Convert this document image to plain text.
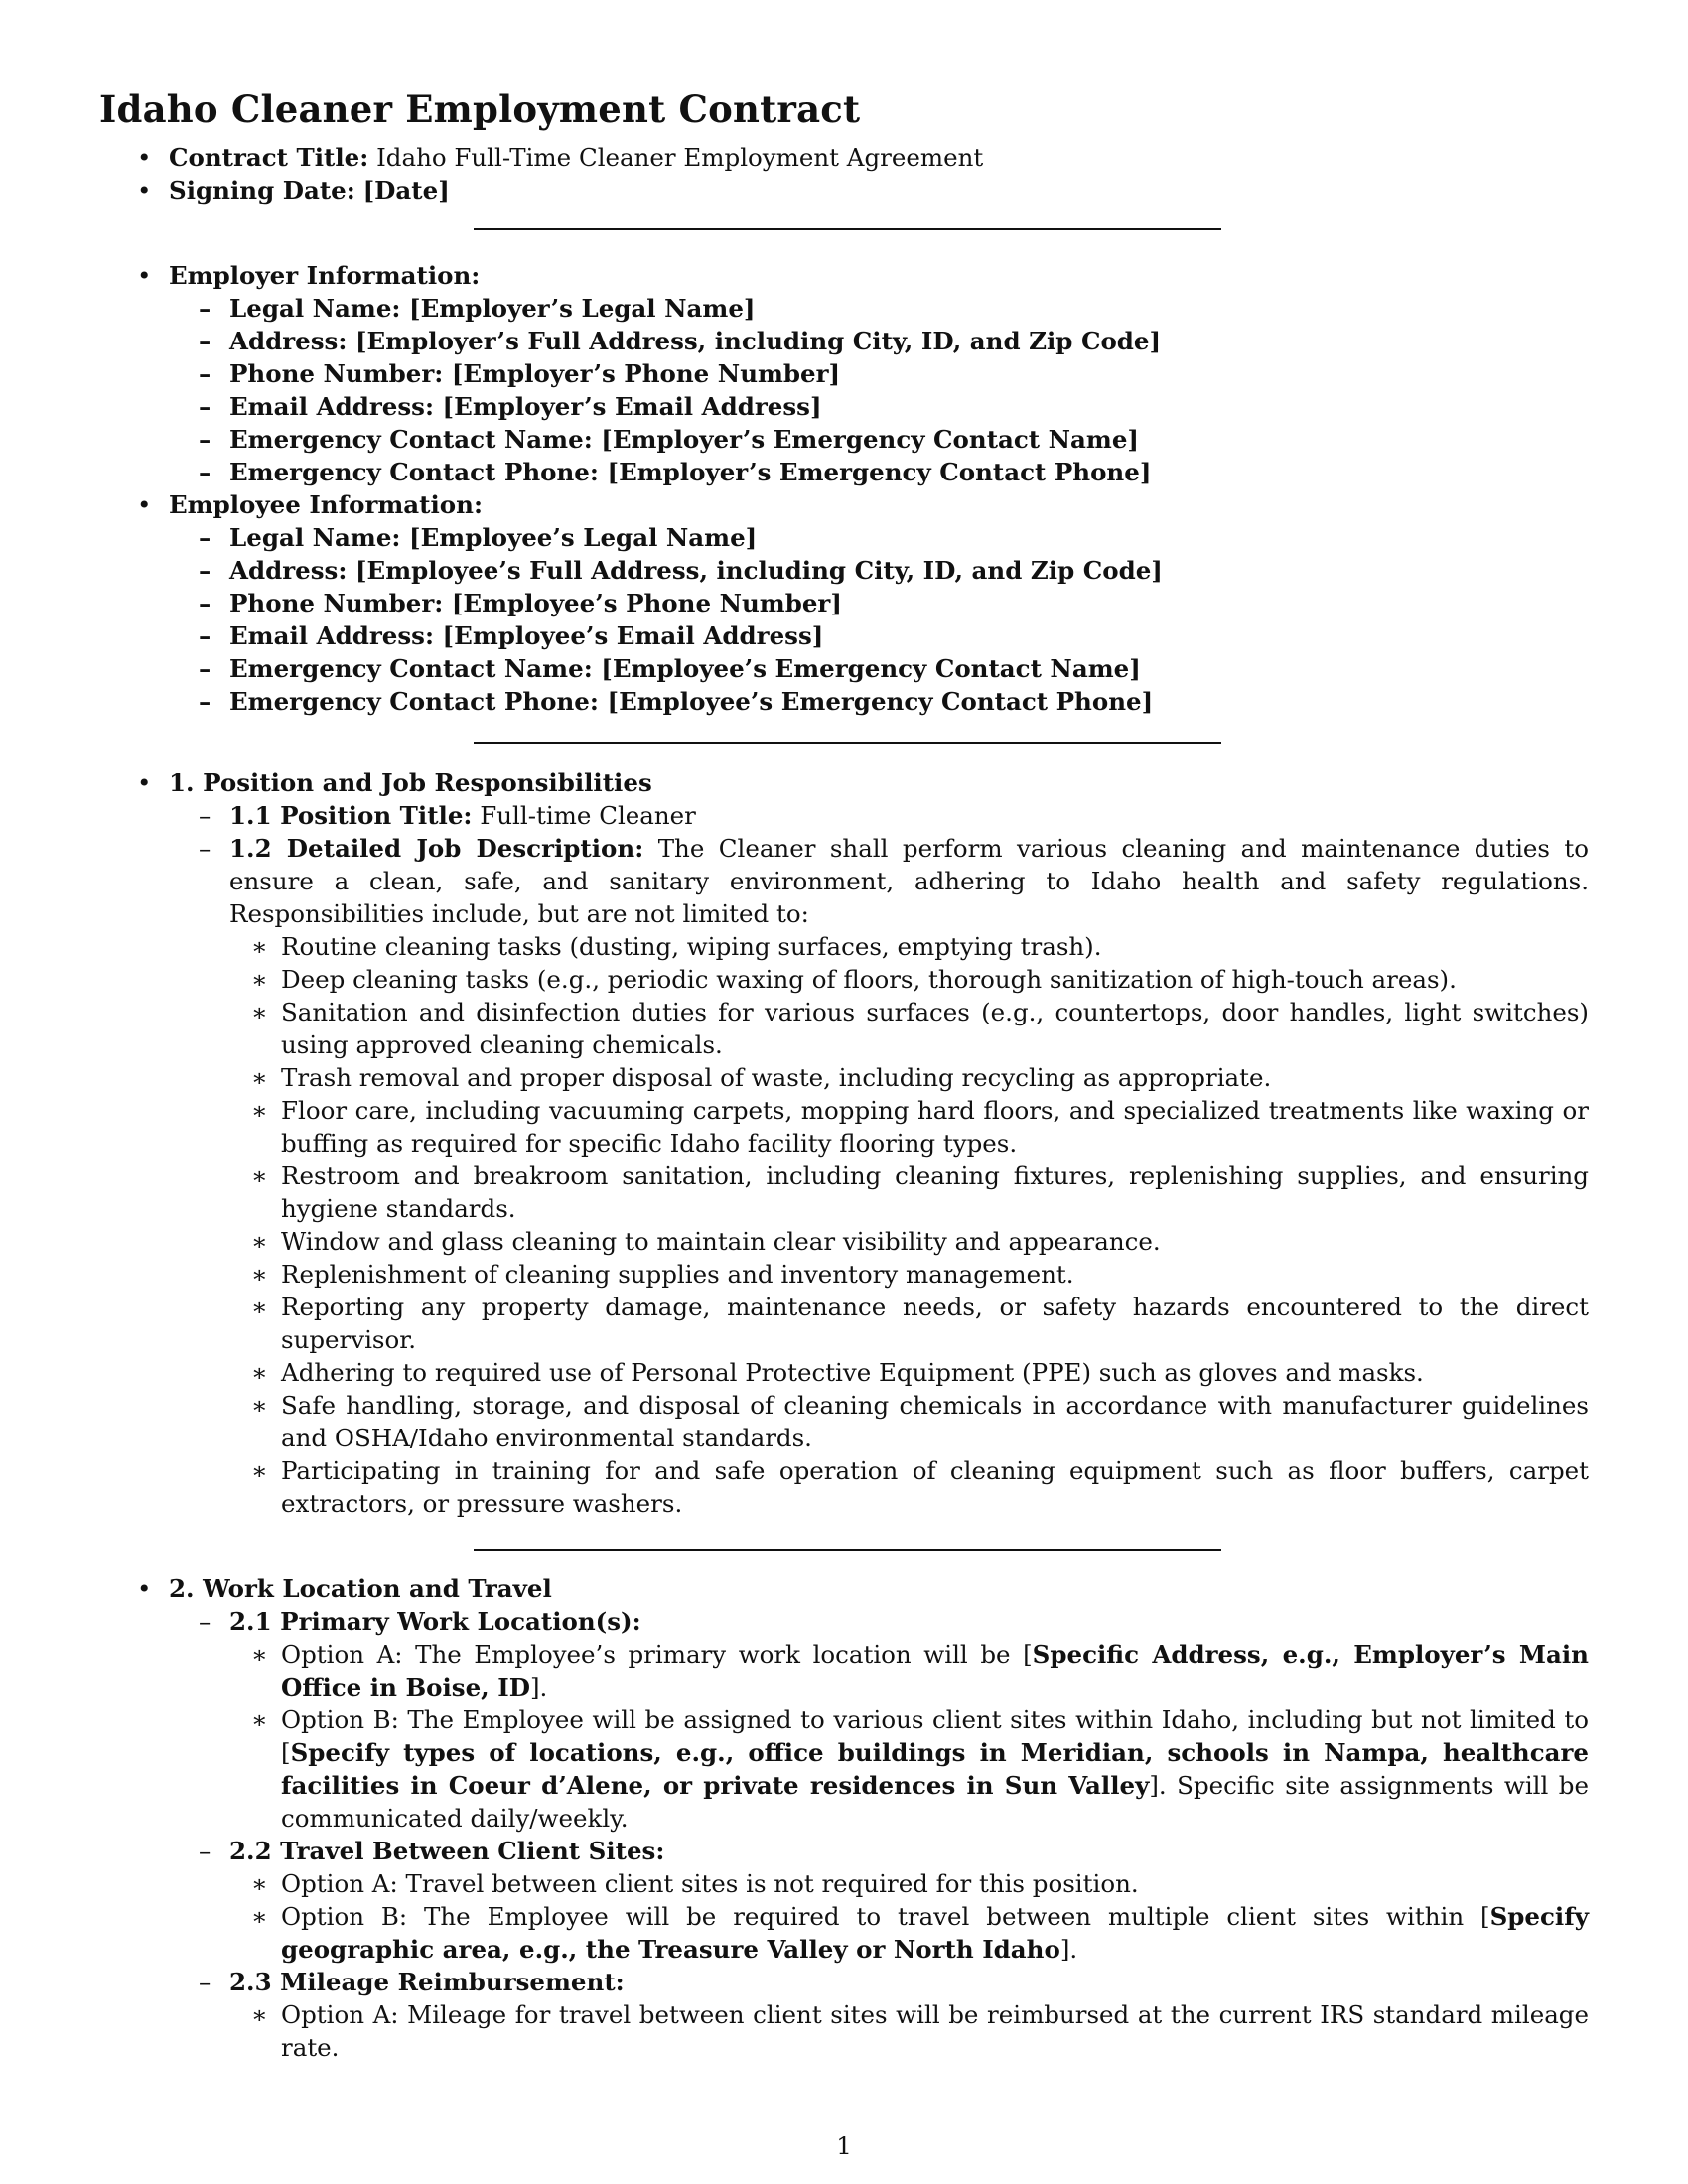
Idaho Cleaner Employment Contract
• Contract Title: Idaho Full-Time Cleaner Employment Agreement
• Signing Date: [Date]
• Employer Information:
– Legal Name: [Employer’s Legal Name]
– Address: [Employer’s Full Address, including City, ID, and Zip Code]
– Phone Number: [Employer’s Phone Number]
– Email Address: [Employer’s Email Address]
– Emergency Contact Name: [Employer’s Emergency Contact Name]
– Emergency Contact Phone: [Employer’s Emergency Contact Phone]
• Employee Information:
– Legal Name: [Employee’s Legal Name]
– Address: [Employee’s Full Address, including City, ID, and Zip Code]
– Phone Number: [Employee’s Phone Number]
– Email Address: [Employee’s Email Address]
– Emergency Contact Name: [Employee’s Emergency Contact Name]
– Emergency Contact Phone: [Employee’s Emergency Contact Phone]
• 1. Position and Job Responsibilities
– 1.1 Position Title: Full-time Cleaner
– 1.2 Detailed Job Description: The Cleaner shall perform various cleaning and maintenance duties to ensure a clean, safe, and sanitary environment, adhering to Idaho health and safety regulations. Responsibilities include, but are not limited to:
∗ Routine cleaning tasks (dusting, wiping surfaces, emptying trash).
∗ Deep cleaning tasks (e.g., periodic waxing of floors, thorough sanitization of high-touch areas).
∗ Sanitation and disinfection duties for various surfaces (e.g., countertops, door handles, light switches) using approved cleaning chemicals.
∗ Trash removal and proper disposal of waste, including recycling as appropriate.
∗ Floor care, including vacuuming carpets, mopping hard floors, and specialized treatments like waxing or buffing as required for specific Idaho facility flooring types.
∗ Restroom and breakroom sanitation, including cleaning fixtures, replenishing supplies, and ensuring hygiene standards.
∗ Window and glass cleaning to maintain clear visibility and appearance.
∗ Replenishment of cleaning supplies and inventory management.
∗ Reporting any property damage, maintenance needs, or safety hazards encountered to the direct supervisor.
∗ Adhering to required use of Personal Protective Equipment (PPE) such as gloves and masks.
∗ Safe handling, storage, and disposal of cleaning chemicals in accordance with manufacturer guidelines and OSHA/Idaho environmental standards.
∗ Participating in training for and safe operation of cleaning equipment such as floor buffers, carpet extractors, or pressure washers.
• 2. Work Location and Travel
– 2.1 Primary Work Location(s):
∗ Option A: The Employee’s primary work location will be [Specific Address, e.g., Employer’s Main Office in Boise, ID].
∗ Option B: The Employee will be assigned to various client sites within Idaho, including but not limited to [Specify types of locations, e.g., office buildings in Meridian, schools in Nampa, healthcare facilities in Coeur d’Alene, or private residences in Sun Valley]. Specific site assignments will be communicated daily/weekly.
– 2.2 Travel Between Client Sites:
∗ Option A: Travel between client sites is not required for this position.
∗ Option B: The Employee will be required to travel between multiple client sites within [Specify geographic area, e.g., the Treasure Valley or North Idaho].
– 2.3 Mileage Reimbursement:
∗ Option A: Mileage for travel between client sites will be reimbursed at the current IRS standard mileage rate.
1
